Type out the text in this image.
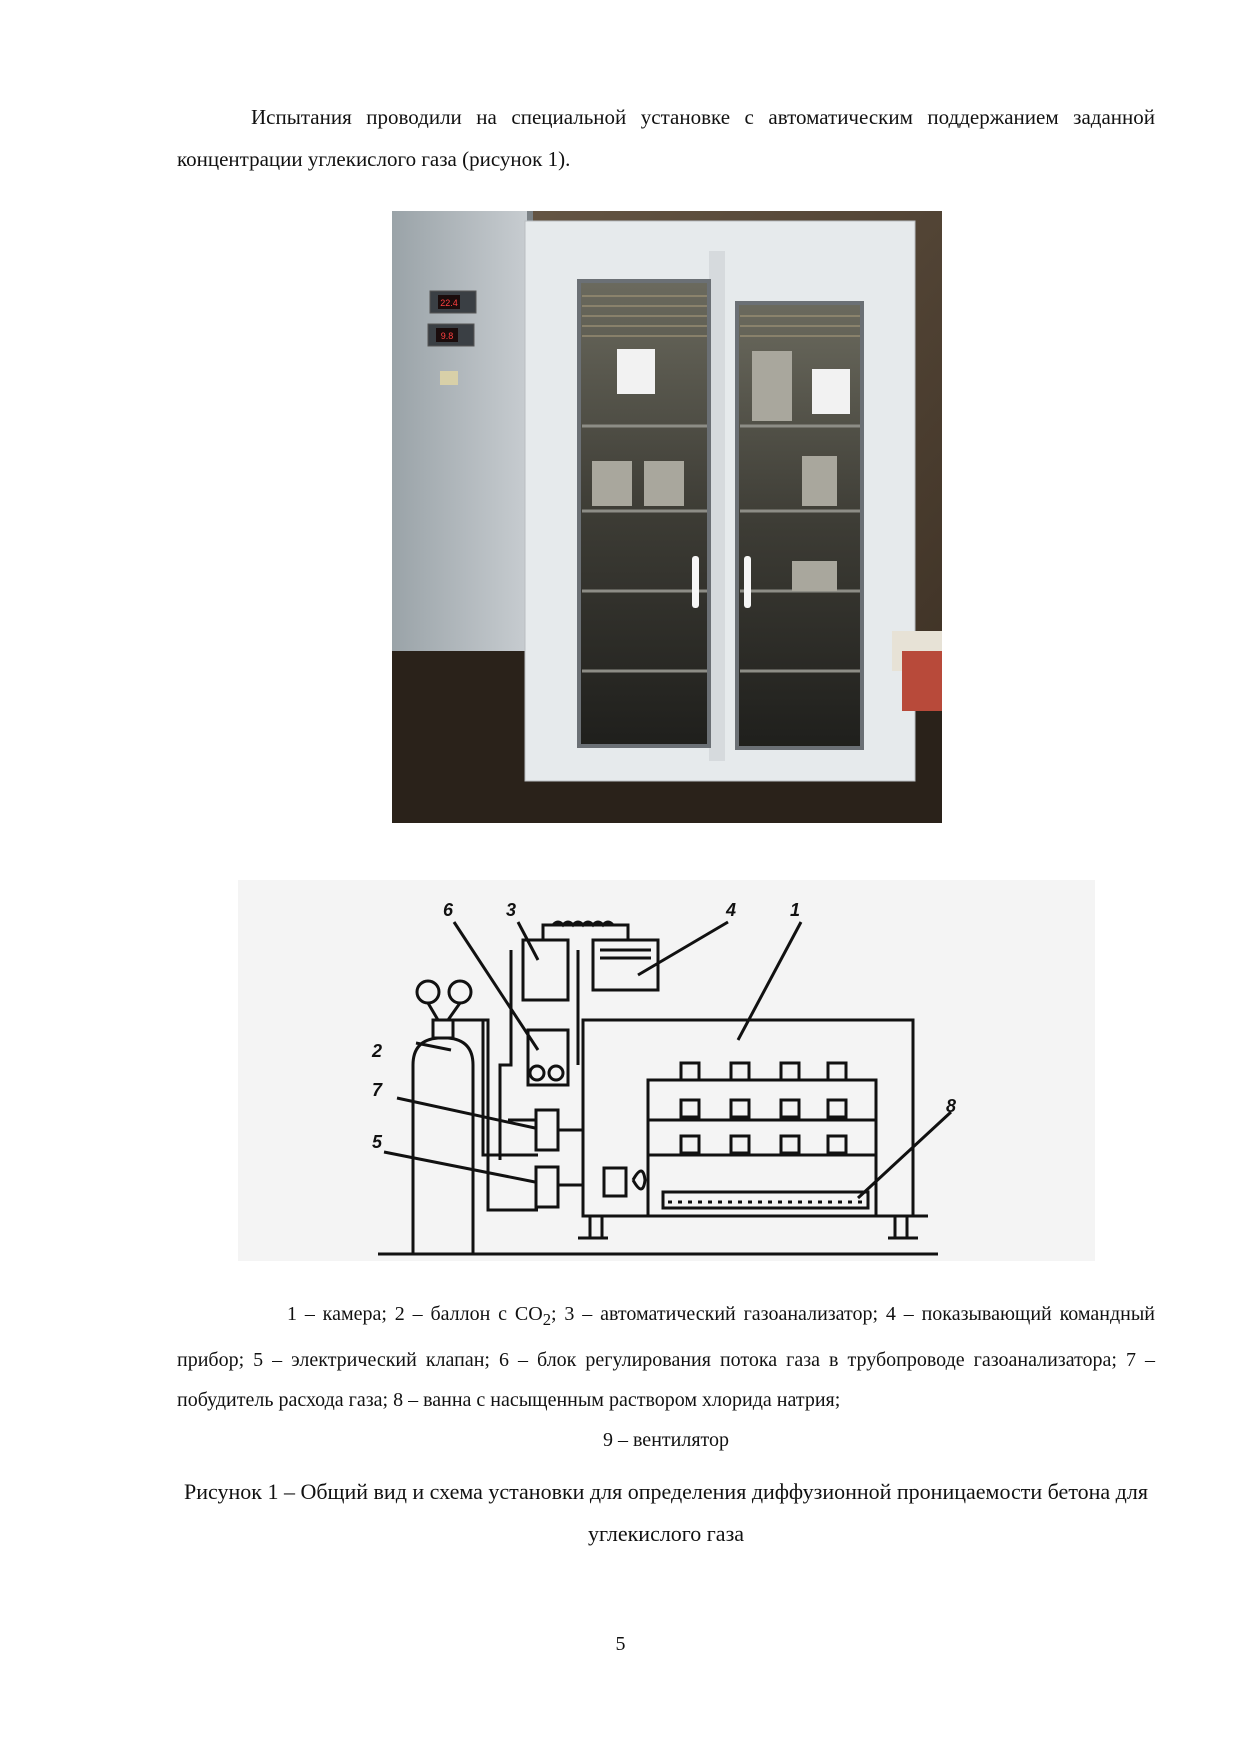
Испытания проводили на специальной установке с автоматическим поддержанием заданной концентрации углекислого газа (рисунок 1).

22.4
9.8
1
2
3	4
5
6
7
8

1 – камера; 2 – баллон с $CO_2$; 3 – автоматический газоанализатор; 4 – показывающий командный прибор; 5 – электрический клапан; 6 – блок регулирования потока газа в трубопроводе газоанализатора; 7 – побудитель расхода газа; 8 – ванна с насыщенным раствором хлорида натрия;
9 – вентилятор

Рисунок 1 – Общий вид и схема установки для определения диффузионной проницаемости бетона для углекислого газа

5
